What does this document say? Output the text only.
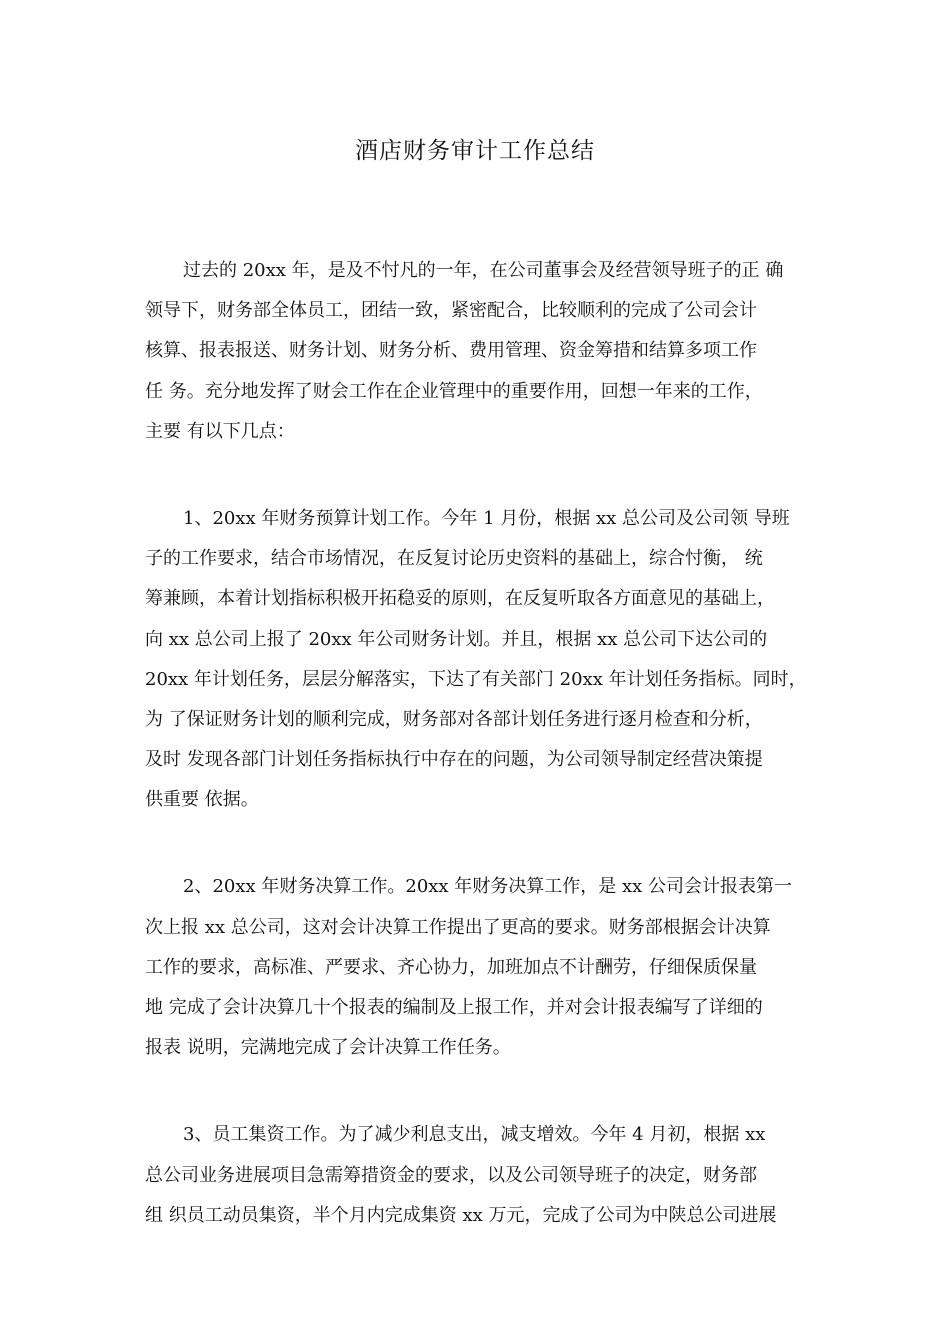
酒店财务审计工作总结
过去的 20xx 年，是及不忖凡的一年，在公司董事会及经营领导班子的正 确
领导下，财务部全体员工，团结一致，紧密配合，比较顺利的完成了公司会计
核算、报表报送、财务计划、财务分析、费用管理、资金筹措和结算多项工作
任 务。充分地发挥了财会工作在企业管理中的重要作用，回想一年来的工作，
主要 有以下几点：
1、20xx 年财务预算计划工作。今年 1 月份，根据 xx 总公司及公司领 导班
子的工作要求，结合市场情况，在反复讨论历史资料的基础上，综合忖衡， 统
筹兼顾，本着计划指标积极开拓稳妥的原则，在反复听取各方面意见的基础上，
向 xx 总公司上报了 20xx 年公司财务计划。并且，根据 xx 总公司下达公司的
20xx 年计划任务，层层分解落实，下达了有关部门 20xx 年计划任务指标。同时，
为 了保证财务计划的顺利完成，财务部对各部计划任务进行逐月检查和分析，
及时 发现各部门计划任务指标执行中存在的问题，为公司领导制定经营决策提
供重要 依据。
2、20xx 年财务决算工作。20xx 年财务决算工作，是 xx 公司会计报表第一
次上报 xx 总公司，这对会计决算工作提出了更高的要求。财务部根据会计决算
工作的要求，高标准、严要求、齐心协力，加班加点不计酬劳，仔细保质保量
地 完成了会计决算几十个报表的编制及上报工作，并对会计报表编写了详细的
报表 说明，完满地完成了会计决算工作任务。
3、员工集资工作。为了减少利息支出，减支增效。今年 4 月初，根据 xx
总公司业务进展项目急需筹措资金的要求，以及公司领导班子的决定，财务部
组 织员工动员集资，半个月内完成集资 xx 万元，完成了公司为中陕总公司进展
